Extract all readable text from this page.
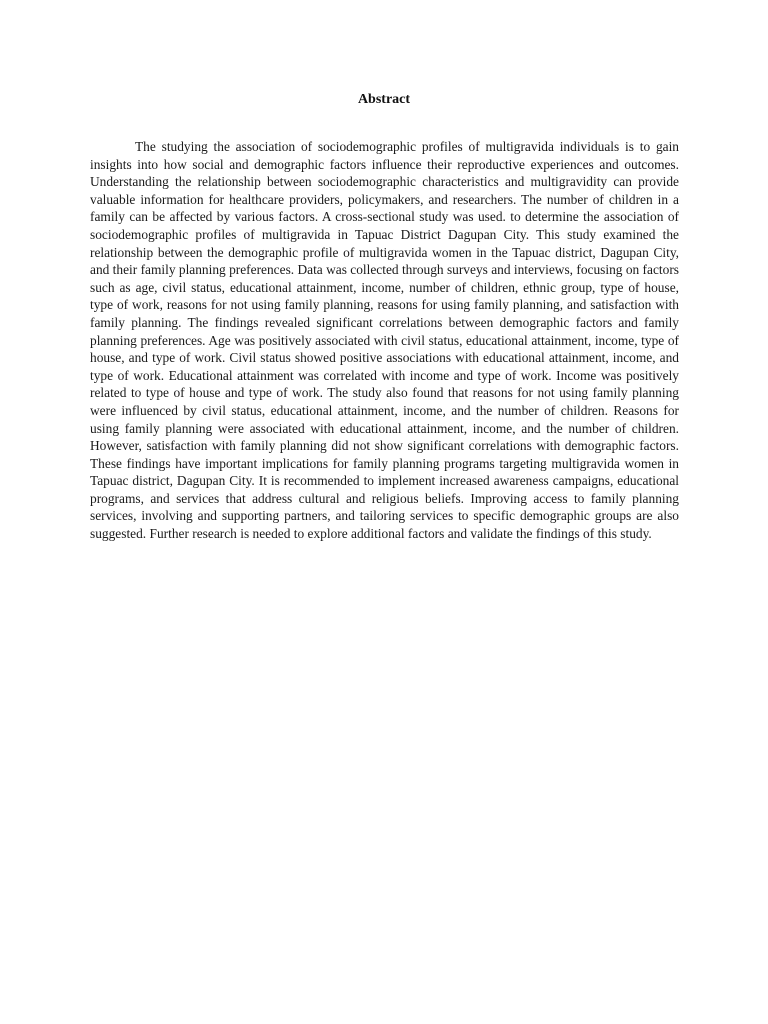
Abstract

The studying the association of sociodemographic profiles of multigravida individuals is to gain insights into how social and demographic factors influence their reproductive experiences and outcomes. Understanding the relationship between sociodemographic characteristics and multigravidity can provide valuable information for healthcare providers, policymakers, and researchers. The number of children in a family can be affected by various factors. A cross-sectional study was used. to determine the association of sociodemographic profiles of multigravida in Tapuac District Dagupan City. This study examined the relationship between the demographic profile of multigravida women in the Tapuac district, Dagupan City, and their family planning preferences. Data was collected through surveys and interviews, focusing on factors such as age, civil status, educational attainment, income, number of children, ethnic group, type of house, type of work, reasons for not using family planning, reasons for using family planning, and satisfaction with family planning. The findings revealed significant correlations between demographic factors and family planning preferences. Age was positively associated with civil status, educational attainment, income, type of house, and type of work. Civil status showed positive associations with educational attainment, income, and type of work. Educational attainment was correlated with income and type of work. Income was positively related to type of house and type of work. The study also found that reasons for not using family planning were influenced by civil status, educational attainment, income, and the number of children. Reasons for using family planning were associated with educational attainment, income, and the number of children. However, satisfaction with family planning did not show significant correlations with demographic factors. These findings have important implications for family planning programs targeting multigravida women in Tapuac district, Dagupan City. It is recommended to implement increased awareness campaigns, educational programs, and services that address cultural and religious beliefs. Improving access to family planning services, involving and supporting partners, and tailoring services to specific demographic groups are also suggested. Further research is needed to explore additional factors and validate the findings of this study.
